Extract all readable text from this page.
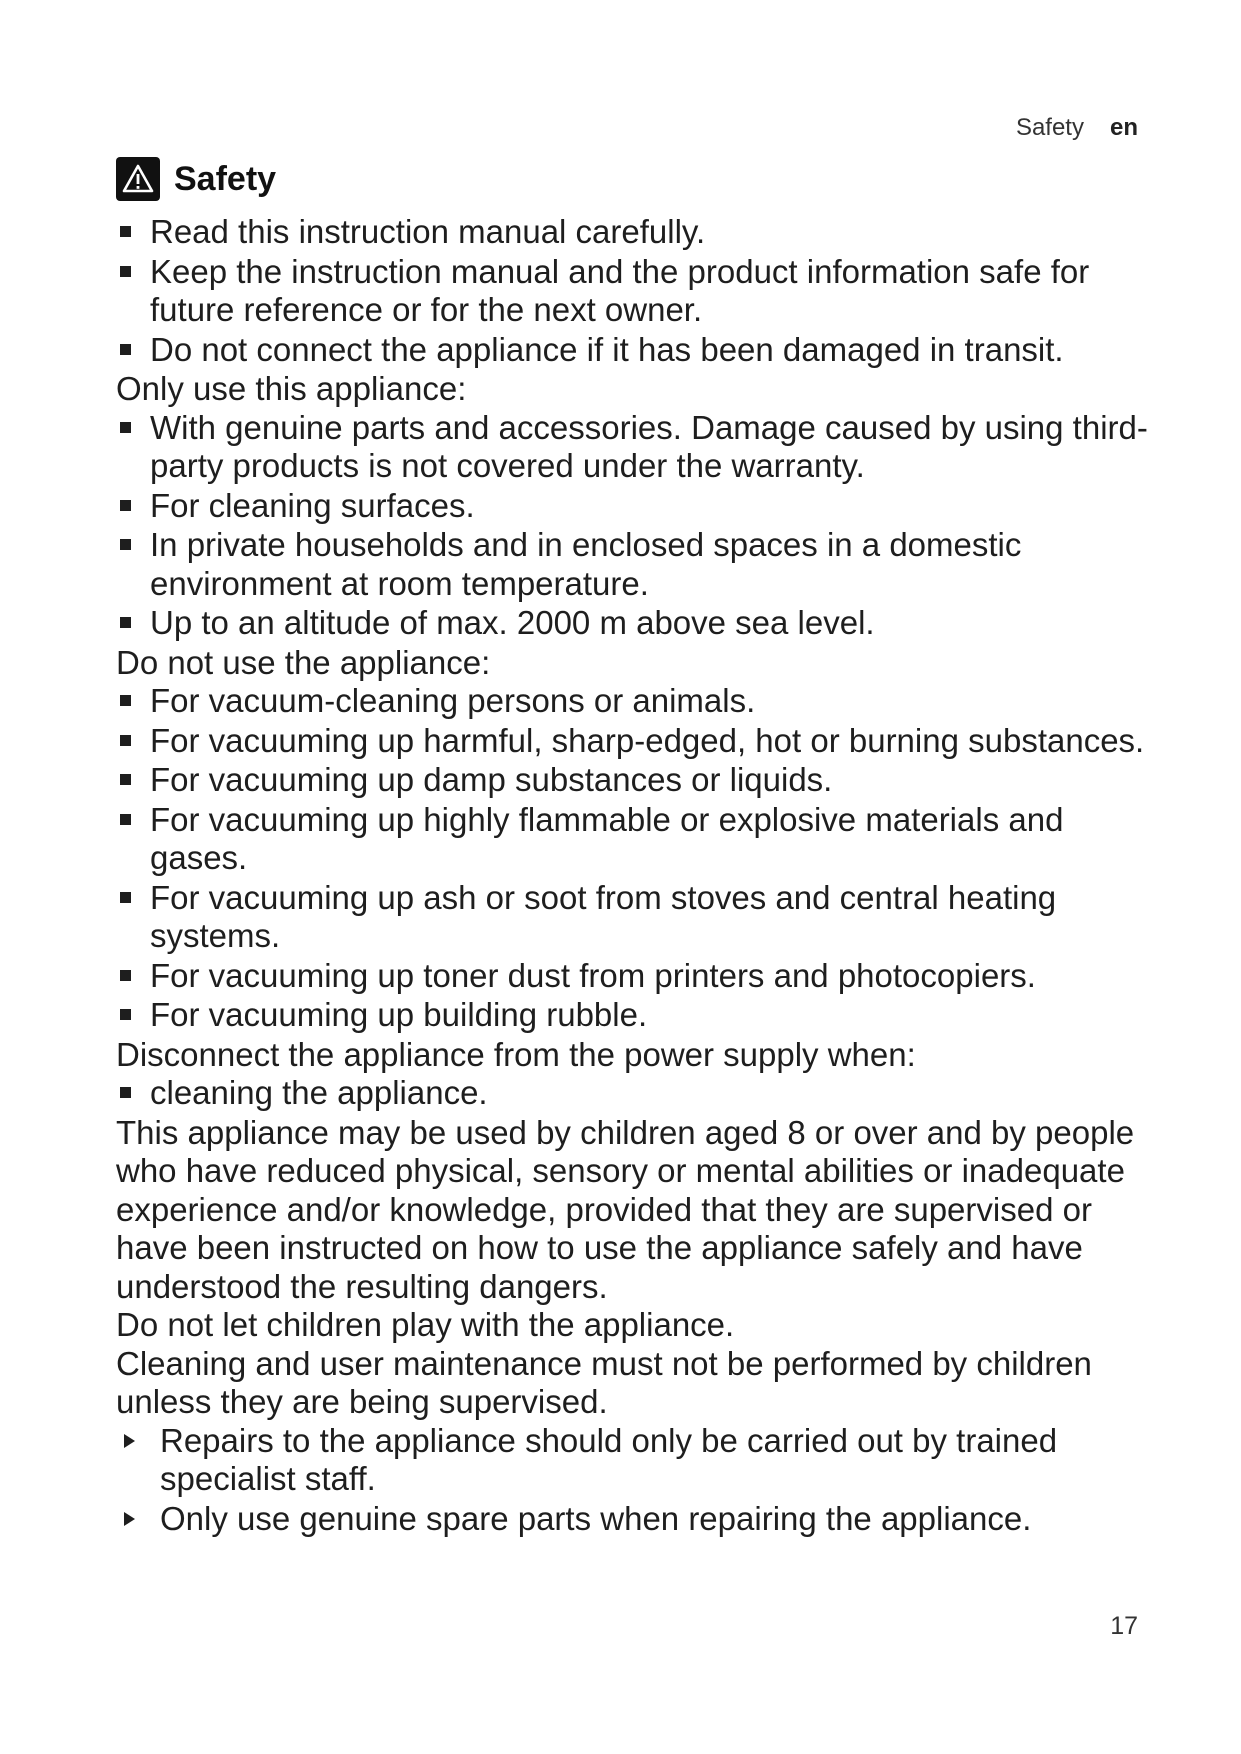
Safety en
Safety
Read this instruction manual carefully.
Keep the instruction manual and the product information safe for future reference or for the next owner.
Do not connect the appliance if it has been damaged in transit.

Only use this appliance:

With genuine parts and accessories. Damage caused by using third-party products is not covered under the warranty.
For cleaning surfaces.
In private households and in enclosed spaces in a domestic environment at room temperature.
Up to an altitude of max. 2000 m above sea level.

Do not use the appliance:

For vacuum-cleaning persons or animals.
For vacuuming up harmful, sharp-edged, hot or burning substances.
For vacuuming up damp substances or liquids.
For vacuuming up highly flammable or explosive materials and gases.
For vacuuming up ash or soot from stoves and central heating systems.
For vacuuming up toner dust from printers and photocopiers.
For vacuuming up building rubble.

Disconnect the appliance from the power supply when:

cleaning the appliance.

This appliance may be used by children aged 8 or over and by people who have reduced physical, sensory or mental abilities or inadequate experience and/or knowledge, provided that they are supervised or have been instructed on how to use the appliance safely and have understood the resulting dangers.

Do not let children play with the appliance.

Cleaning and user maintenance must not be performed by children unless they are being supervised.

Repairs to the appliance should only be carried out by trained specialist staff.
Only use genuine spare parts when repairing the appliance.
17
